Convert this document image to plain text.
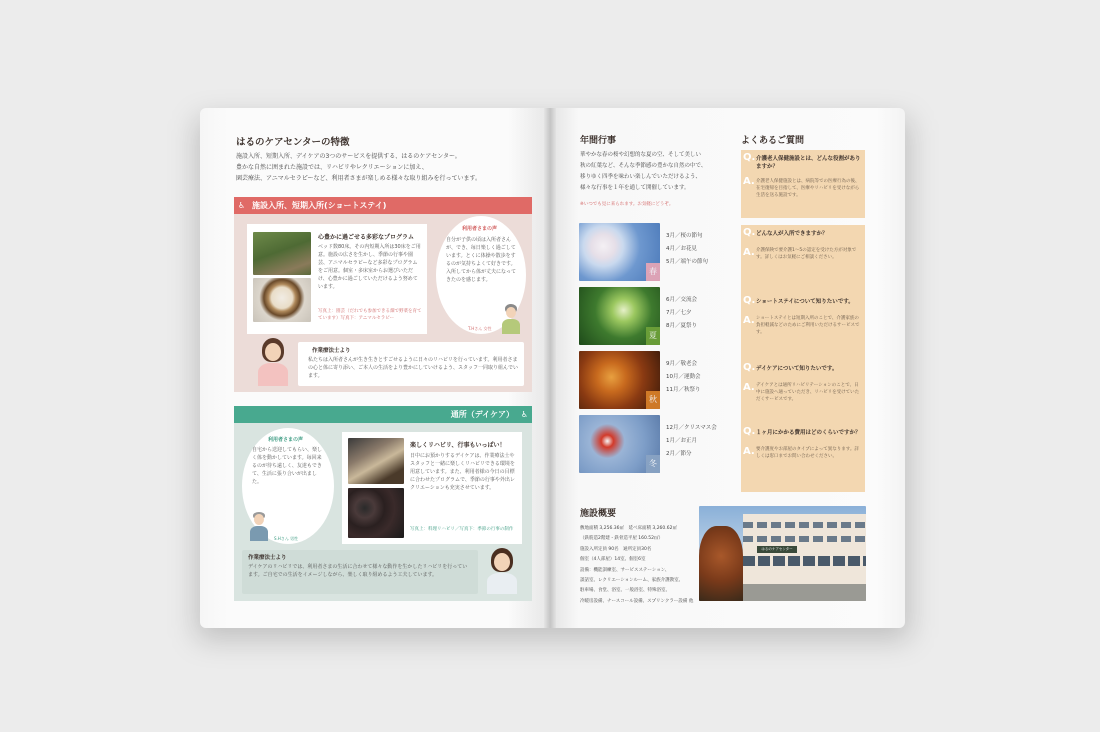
はるのケアセンターの特徴
施設入所、短期入所、デイケアの3つのサービスを提供する、はるのケアセンター。
豊かな自然に囲まれた施設では、リハビリやレクリエーションに加え、
園芸療法、アニマルセラピーなど、利用者さまが楽しめる様々な取り組みを行っています。
♿ 施設入所、短期入所(ショートステイ)
心豊かに過ごせる多彩なプログラム
ベッド数80床。その内短期入所は30床をご用意。施設の広さを生かし、季節の行事や園芸、アニマルセラピーなど多彩なプログラムをご用意。個室・多床室からお選びいただけ、心豊かに過ごしていただけるよう努めています。
写真上：園芸（だれでも参加できる畑で野菜を育てています）写真下：アニマルセラピー
利用者さまの声
自分が子供の頃は入所者さんが、でき、毎日楽しく過ごしています。とくに体操や散歩をするのが気持ちよくて好きです。入所してから体が丈夫になってきたのを感じます。
T.Hさん 女性
作業療法士より
私たちは入所者さんが生き生きとすごせるように日々のリハビリを行っています。利用者さまの心と体に寄り添い、ご本人の生活をより豊かにしていけるよう、スタッフ一同取り組んでいます。
通所（デイケア） ♿
利用者さまの声
自宅から送迎してもらい、楽しく体を動かしています。毎回来るのが待ち遠しく、友達もできて、生活に張り合いが出ました。
S.Hさん 男性
楽しくリハビリ、行事もいっぱい！
日中にお預かりするデイケアは、作業療法士やスタッフと一緒に楽しくリハビリできる環境を用意しています。また、利用者様の今日の目標に合わせたプログラムで、季節の行事や外出レクリエーションも充実させています。
写真上：料理リハビリ／写真下：季節の行事の制作
作業療法士より
デイケアのリハビリでは、利用者さまの生活に合わせて様々な動作を生かしたリハビリを行っています。ご自宅での生活をイメージしながら、楽しく取り組めるよう工夫しています。
年間行事
華やかな春の桜や幻想的な夏の空、そして美しい
秋の紅葉など、そんな季節感の豊かな自然の中で、
移りゆく四季を味わい楽しんでいただけるよう、
様々な行事を１年を通して開催しています。
※いつでも見に来られます。お気軽にどうぞ。
春
3月／桜の節句
4月／お花見
5月／端午の節句
夏
6月／交流会
7月／七夕
8月／夏祭り
秋
9月／敬老会
10月／運動会
11月／秋祭り
冬
12月／クリスマス会
1月／お正月
2月／節分
よくあるご質問
Q. 介護老人保健施設とは、どんな役割がありますか？
A. 介護老人保健施設とは、病院等での医療行為の後、在宅復帰を目指して、医療やリハビリを受けながら生活を送る施設です。
Q. どんな人が入所できますか？
A. 介護保険で要介護1〜5の認定を受けた方が対象です。詳しくはお気軽にご相談ください。
Q. ショートステイについて知りたいです。
A. ショートステイとは短期入所のことで、介護家族の負担軽減などのためにご利用いただけるサービスです。
Q. デイケアについて知りたいです。
A. デイケアとは通所リハビリテーションのことで、日中に施設へ通っていただき、リハビリを受けていただくサービスです。
Q. １ヶ月にかかる費用はどのくらいですか？
A. 要介護度やお部屋のタイプによって異なります。詳しくは窓口までお問い合わせください。
施設概要
敷地面積 3,256.36㎡　延べ床面積 3,260.62㎡
（鉄筋造2階建・鉄骨造平屋 160.52㎡）
施設入所定員 90名　通所定員30名
個室（4人部屋）14室、個室6室
設備：機能訓練室、サービスステーション、
談話室、レクリエーションルーム、家族介護教室、
駐車場、食堂、浴室、一般浴室、特殊浴室、
冷暖房設備、ナースコール設備、スプリンクラー設備 他
はるのケアセンター
